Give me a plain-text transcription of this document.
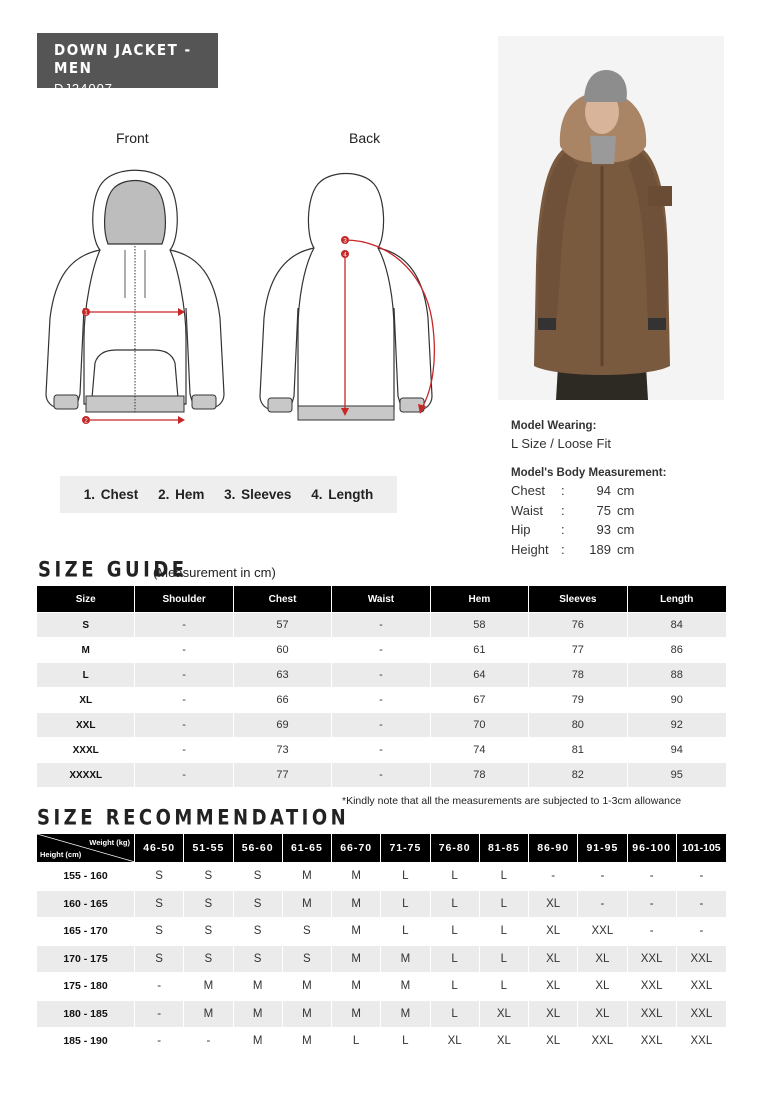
DOWN JACKET - MEN
DJ24007
Front	Back
1
2
4
3
1. Chest 2. Hem 3. Sleeves 4. Length
Model Wearing:
L Size / Loose Fit
Model's Body Measurement:
Chest	:	94 cm
Waist	:	75 cm
Hip	:	93 cm
Height :	189 cm
SIZE GUIDE
(Measurement in cm)
Size	Shoulder	Chest	Waist	Hem	Sleeves	Length
S	-	57	-	58	76	84
M	-	60	-	61	77	86
L	-	63	-	64	78	88
XL	-	66	-	67	79	90
XXL	-	69	-	70	80	92
XXXL	-	73	-	74	81	94
XXXXL	-	77	-	78	82	95
*Kindly note that all the measurements are subjected to 1-3cm allowance
SIZE RECOMMENDATION
Weight (kg)
Height (cm)	46-50	51-55	56-60	61-65	66-70	71-75	76-80	81-85	86-90	91-95	96-100	101-105
155 - 160	S	S	S	M	M	L	L	L	-	-	-	-
160 - 165	S	S	S	M	M	L	L	L	XL	-	-	-
165 - 170	S	S	S	S	M	L	L	L	XL	XXL	-	-
170 - 175	S	S	S	S	M	M	L	L	XL	XL	XXL	XXL
175 - 180	-	M	M	M	M	M	L	L	XL	XL	XXL	XXL
180 - 185	-	M	M	M	M	M	L	XL	XL	XL	XXL	XXL
185 - 190	-	-	M	M	L	L	XL	XL	XL	XXL	XXL	XXL
